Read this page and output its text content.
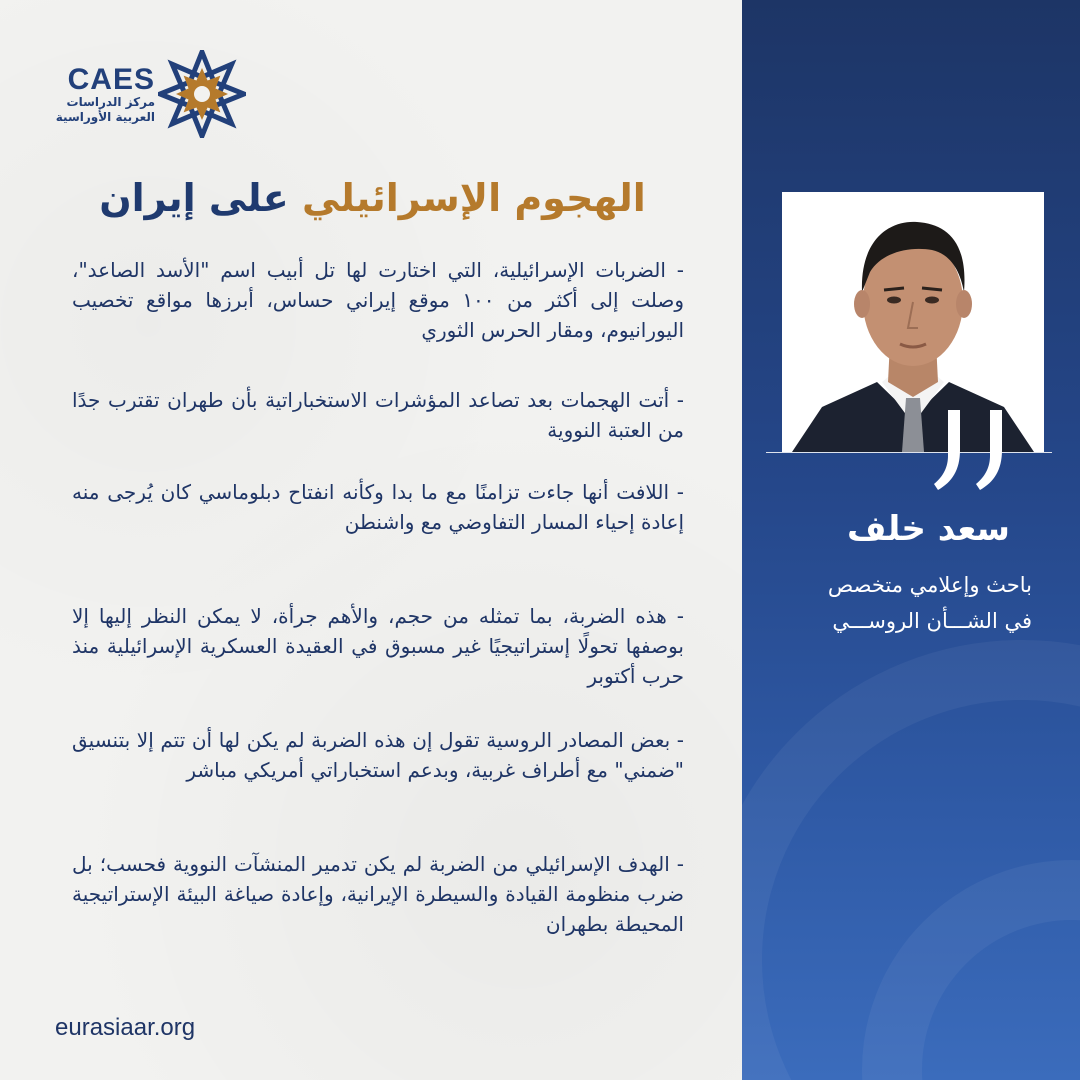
CAES
مركز الدراسات
العربية الأوراسية
الهجوم الإسرائيلي على إيران

- الضربات الإسرائيلية، التي اختارت لها تل أبيب اسم "الأسد الصاعد"، وصلت إلى أكثر من ١٠٠ موقع إيراني حساس، أبرزها مواقع تخصيب اليورانيوم، ومقار الحرس الثوري

- أتت الهجمات بعد تصاعد المؤشرات الاستخباراتية بأن طهران تقترب جدًا من العتبة النووية

- اللافت أنها جاءت تزامنًا مع ما بدا وكأنه انفتاح دبلوماسي كان يُرجى منه إعادة إحياء المسار التفاوضي مع واشنطن

- هذه الضربة، بما تمثله من حجم، والأهم جرأة، لا يمكن النظر إليها إلا بوصفها تحولًا إستراتيجيًا غير مسبوق في العقيدة العسكرية الإسرائيلية منذ حرب أكتوبر

- بعض المصادر الروسية تقول إن هذه الضربة لم يكن لها أن تتم إلا بتنسيق "ضمني" مع أطراف غربية، وبدعم استخباراتي أمريكي مباشر

- الهدف الإسرائيلي من الضربة لم يكن تدمير المنشآت النووية فحسب؛ بل ضرب منظومة القيادة والسيطرة الإيرانية، وإعادة صياغة البيئة الإستراتيجية المحيطة بطهران

eurasiaar.org
سعد خلف
باحث وإعلامي متخصص
في الشـــأن الروســـي
